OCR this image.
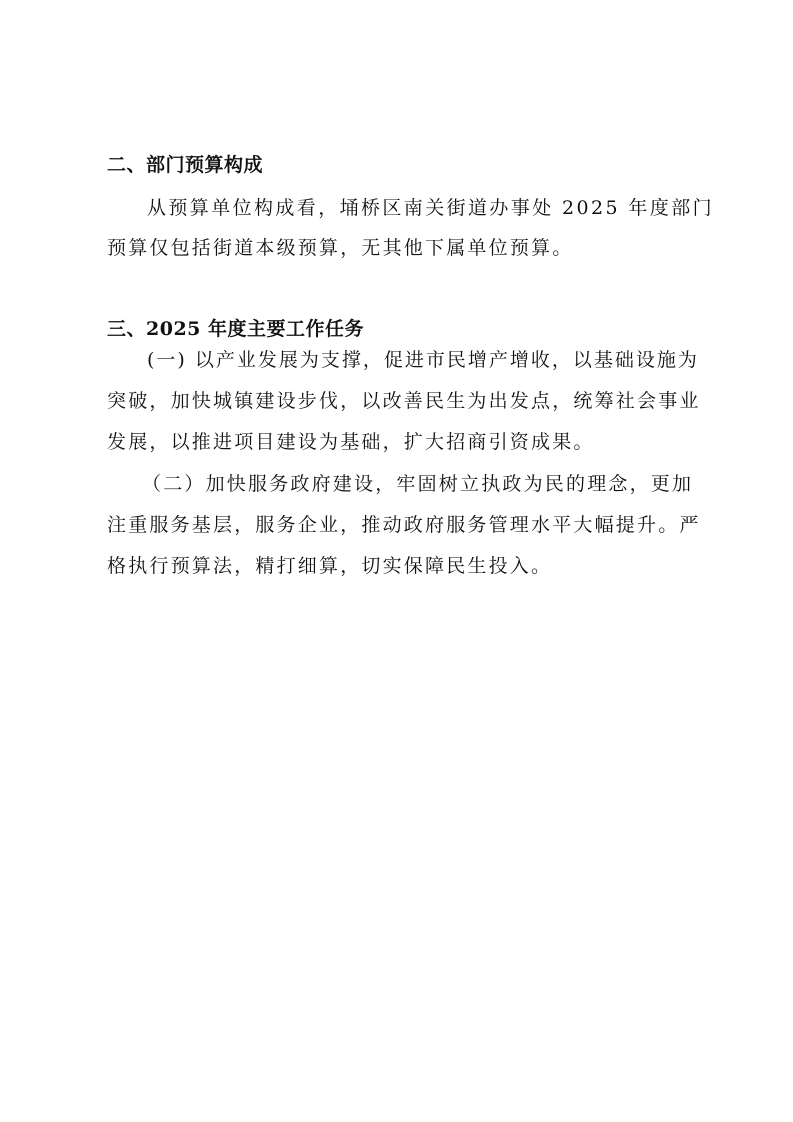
二、部门预算构成
从预算单位构成看，埇桥区南关街道办事处 2025 年度部门
预算仅包括街道本级预算，无其他下属单位预算。
三、2025 年度主要工作任务
(一) 以产业发展为支撑，促进市民增产增收，以基础设施为
突破，加快城镇建设步伐，以改善民生为出发点，统筹社会事业
发展，以推进项目建设为基础，扩大招商引资成果。
（二）加快服务政府建设，牢固树立执政为民的理念，更加
注重服务基层，服务企业，推动政府服务管理水平大幅提升。严
格执行预算法，精打细算，切实保障民生投入。
